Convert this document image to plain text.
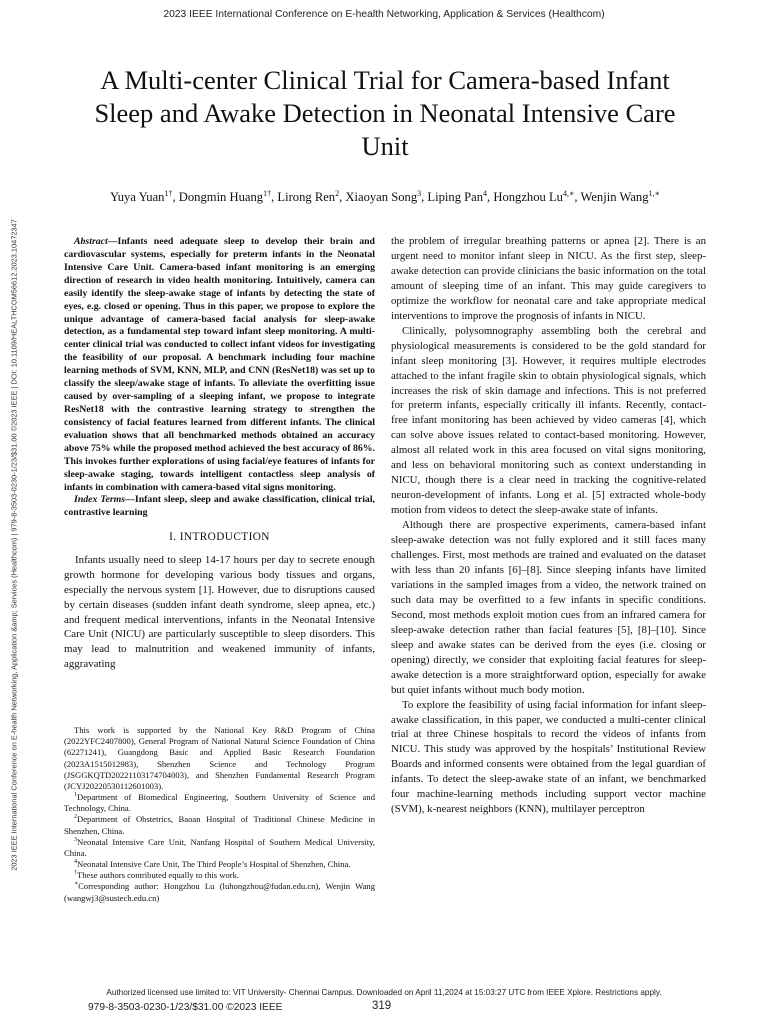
2023 IEEE International Conference on E-health Networking, Application & Services (Healthcom)
2023 IEEE International Conference on E-health Networking, Application &amp; Services (Healthcom) | 979-8-3503-0230-1/23/$31.00 ©2023 IEEE | DOI: 10.1109/HEALTHCOM56612.2023.10472347
A Multi-center Clinical Trial for Camera-based Infant Sleep and Awake Detection in Neonatal Intensive Care Unit
Yuya Yuan$^{1\dagger}$, Dongmin Huang$^{1\dagger}$, Lirong Ren$^2$, Xiaoyan Song$^3$, Liping Pan$^4$, Hongzhou $Lu^{4,∗}$, Wenjin Wang$^{1,∗}$

Abstract—Infants need adequate sleep to develop their brain and cardiovascular systems, especially for preterm infants in the Neonatal Intensive Care Unit. Camera-based infant monitoring is an emerging direction of research in video health monitoring. Intuitively, camera can easily identify the sleep-awake stage of infants by detecting the state of eyes, e.g. closed or opening. Thus in this paper, we propose to explore the unique advantage of camera-based facial analysis for sleep-awake detection, as a fundamental step toward infant sleep monitoring. A multi-center clinical trial was conducted to collect infant videos for investigating the feasibility of our proposal. A benchmark including four machine learning methods of SVM, KNN, MLP, and CNN (ResNet18) was set up to classify the sleep/awake stage of infants. To alleviate the overfitting issue caused by over-sampling of a sleeping infant, we propose to integrate ResNet18 with the contrastive learning strategy to strengthen the consistency of facial features learned from different infants. The clinical evaluation shows that all benchmarked methods obtained an accuracy above 75% while the proposed method achieved the best accuracy of 86%. This invokes further explorations of using facial/eye features of infants for sleep-awake staging, towards intelligent contactless sleep analysis of infants in combination with camera-based vital signs monitoring.

Index Terms—Infant sleep, sleep and awake classification, clinical trial, contrastive learning

I. INTRODUCTION

Infants usually need to sleep 14-17 hours per day to secrete enough growth hormone for developing various body tissues and organs, especially the nervous system [1]. However, due to disruptions caused by certain diseases (sudden infant death syndrome, sleep apnea, etc.) and frequent medical interventions, infants in the Neonatal Intensive Care Unit (NICU) are particularly susceptible to sleep disorders. This may lead to malnutrition and weakened immunity of infants, aggravating

This work is supported by the National Key R&D Program of China (2022YFC2407800), General Program of National Natural Science Foundation of China (62271241), Guangdong Basic and Applied Basic Research Foundation (2023A1515012983), Shenzhen Science and Technology Program (JSGGKQTD20221103174704003), and Shenzhen Fundamental Research Program (JCYJ20220530112601003).

$^1$Department of Biomedical Engineering, Southern University of Science and Technology, China.

$^2$Department of Obstetrics, Baoan Hospital of Traditional Chinese Medicine in Shenzhen, China.

$^3$Neonatal Intensive Care Unit, Nanfang Hospital of Southern Medical University, China.

$^4$Neonatal Intensive Care Unit, The Third People’s Hospital of Shenzhen, China.

†These authors contributed equally to this work.

∗Corresponding author: Hongzhou Lu (luhongzhou@fudan.edu.cn), Wenjin Wang (wangwj3@sustech.edu.cn)

the problem of irregular breathing patterns or apnea [2]. There is an urgent need to monitor infant sleep in NICU. As the first step, sleep-awake detection can provide clinicians the basic information on the total amount of sleeping time of an infant. This may guide caregivers to optimize the workflow for neonatal care and take appropriate medical interventions to improve the prognosis of infants in NICU.

Clinically, polysomnography assembling both the cerebral and physiological measurements is considered to be the gold standard for infant sleep monitoring [3]. However, it requires multiple electrodes attached to the infant fragile skin to obtain physiological signals, which increases the risk of skin damage and infections. This is not preferred for preterm infants, especially critically ill infants. Recently, contact-free infant monitoring has been achieved by video cameras [4], which can solve above issues related to contact-based monitoring. However, almost all related work in this area focused on vital signs monitoring, and less on behavioral monitoring such as context understanding in NICU, though there is a clear need in tracking the cognitive-related neuron-development of infants. Long et al. [5] extracted whole-body motion from videos to detect the sleep-awake state of infants.

Although there are prospective experiments, camera-based infant sleep-awake detection was not fully explored and it still faces many challenges. First, most methods are trained and evaluated on the dataset with less than 20 infants [6]–[8]. Since sleeping infants have limited variations in the sampled images from a video, the network trained on such data may be overfitted to a few infants in specific conditions. Second, most methods exploit motion cues from an infrared camera for sleep-awake detection rather than facial features [5], [8]–[10]. Since sleep and awake states can be derived from the eyes (i.e. closing or opening) directly, we consider that exploiting facial features for sleep-awake detection is a more straightforward option, especially for awake but quiet infants without much body motion.

To explore the feasibility of using facial information for infant sleep-awake classification, in this paper, we conducted a multi-center clinical trial at three Chinese hospitals to record the videos of infants from NICU. This study was approved by the hospitals’ Institutional Review Boards and informed consents were obtained from the legal guardian of infants. To detect the sleep-awake state of an infant, we benchmarked four machine-learning methods including support vector machine (SVM), k-nearest neighbors (KNN), multilayer perceptron

Authorized licensed use limited to: VIT University- Chennai Campus. Downloaded on April 11,2024 at 15:03:27 UTC from IEEE Xplore. Restrictions apply.
979-8-3503-0230-1/23/$31.00 ©2023 IEEE	319
